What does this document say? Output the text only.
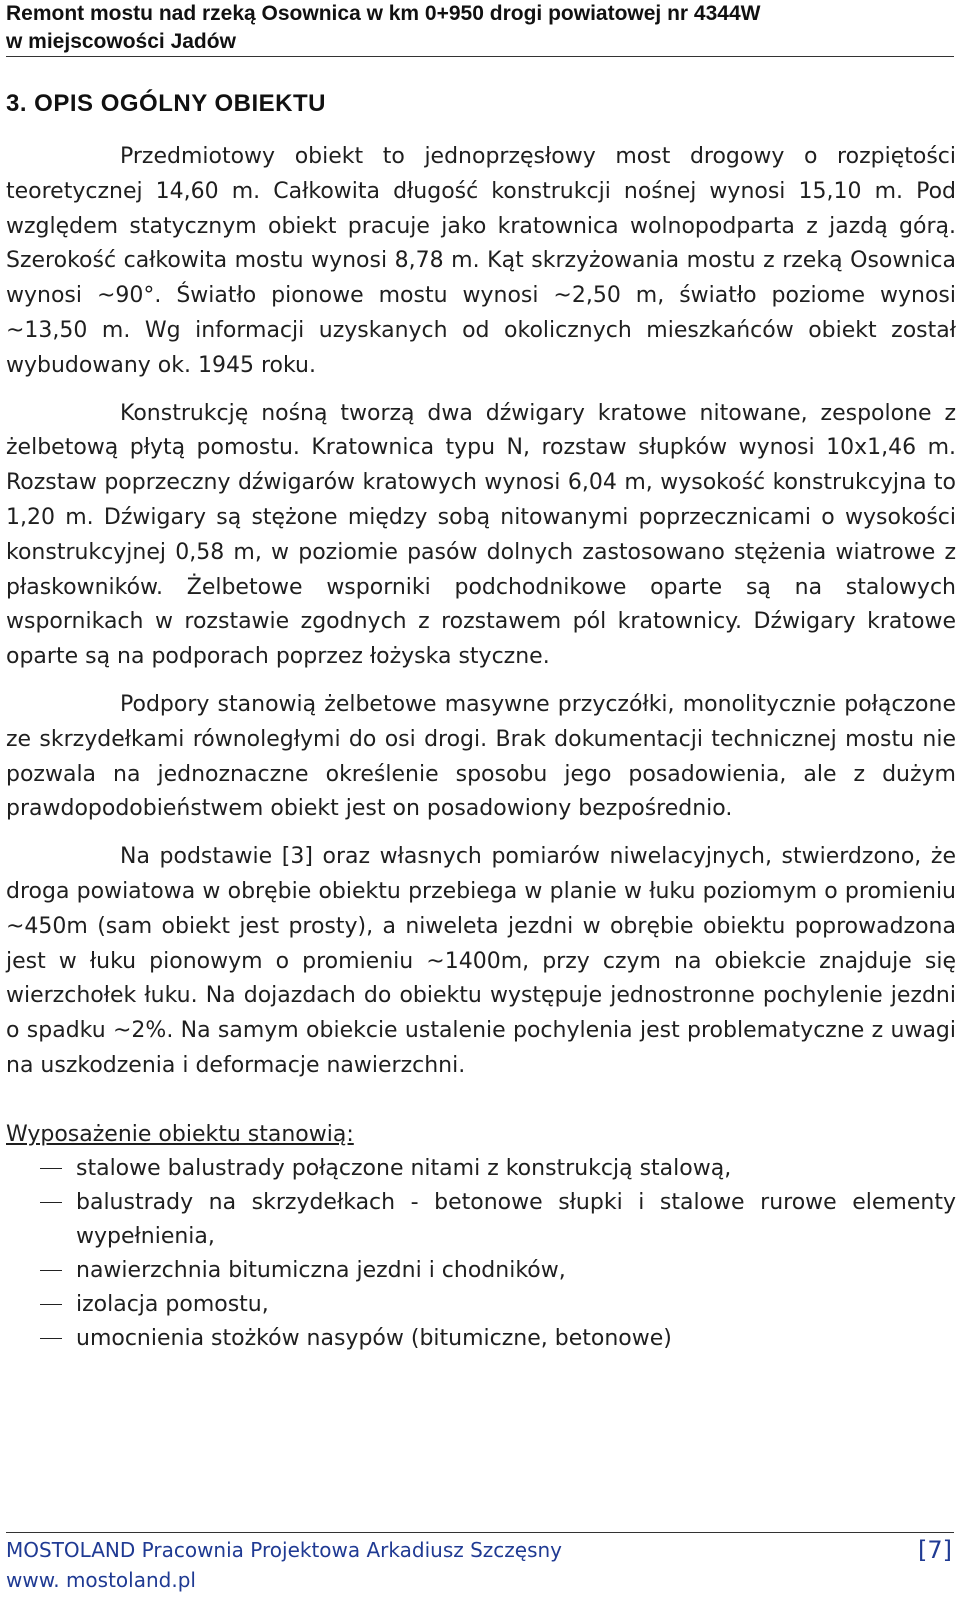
Remont mostu nad rzeką Osownica w km 0+950 drogi powiatowej nr 4344W
w miejscowości Jadów
3. OPIS OGÓLNY OBIEKTU

Przedmiotowy obiekt to jednoprzęsłowy most drogowy o rozpiętości teoretycznej 14,60 m. Całkowita długość konstrukcji nośnej wynosi 15,10 m. Pod względem statycznym obiekt pracuje jako kratownica wolnopodparta z jazdą górą. Szerokość całkowita mostu wynosi 8,78 m. Kąt skrzyżowania mostu z rzeką Osownica wynosi ~90°. Światło pionowe mostu wynosi ~2,50 m, światło poziome wynosi ~13,50 m. Wg informacji uzyskanych od okolicznych mieszkańców obiekt został wybudowany ok. 1945 roku.

Konstrukcję nośną tworzą dwa dźwigary kratowe nitowane, zespolone z żelbetową płytą pomostu. Kratownica typu N, rozstaw słupków wynosi 10x1,46 m. Rozstaw poprzeczny dźwigarów kratowych wynosi 6,04 m, wysokość konstrukcyjna to 1,20 m. Dźwigary są stężone między sobą nitowanymi poprzecznicami o wysokości konstrukcyjnej 0,58 m, w poziomie pasów dolnych zastosowano stężenia wiatrowe z płaskowników. Żelbetowe wsporniki podchodnikowe oparte są na stalowych wspornikach w rozstawie zgodnych z rozstawem pól kratownicy. Dźwigary kratowe oparte są na podporach poprzez łożyska styczne.

Podpory stanowią żelbetowe masywne przyczółki, monolitycznie połączone ze skrzydełkami równoległymi do osi drogi. Brak dokumentacji technicznej mostu nie pozwala na jednoznaczne określenie sposobu jego posadowienia, ale z dużym prawdopodobieństwem obiekt jest on posadowiony bezpośrednio.

Na podstawie [3] oraz własnych pomiarów niwelacyjnych, stwierdzono, że droga powiatowa w obrębie obiektu przebiega w planie w łuku poziomym o promieniu ~450m (sam obiekt jest prosty), a niweleta jezdni w obrębie obiektu poprowadzona jest w łuku pionowym o promieniu ~1400m, przy czym na obiekcie znajduje się wierzchołek łuku. Na dojazdach do obiektu występuje jednostronne pochylenie jezdni o spadku ~2%. Na samym obiekcie ustalenie pochylenia jest problematyczne z uwagi na uszkodzenia i deformacje nawierzchni.

Wyposażenie obiektu stanowią:
stalowe balustrady połączone nitami z konstrukcją stalową,
balustrady na skrzydełkach - betonowe słupki i stalowe rurowe elementy wypełnienia,
nawierzchnia bitumiczna jezdni i chodników,
izolacja pomostu,
umocnienia stożków nasypów (bitumiczne, betonowe)
MOSTOLAND Pracownia Projektowa Arkadiusz Szczęsny	[7]
www. mostoland.pl
